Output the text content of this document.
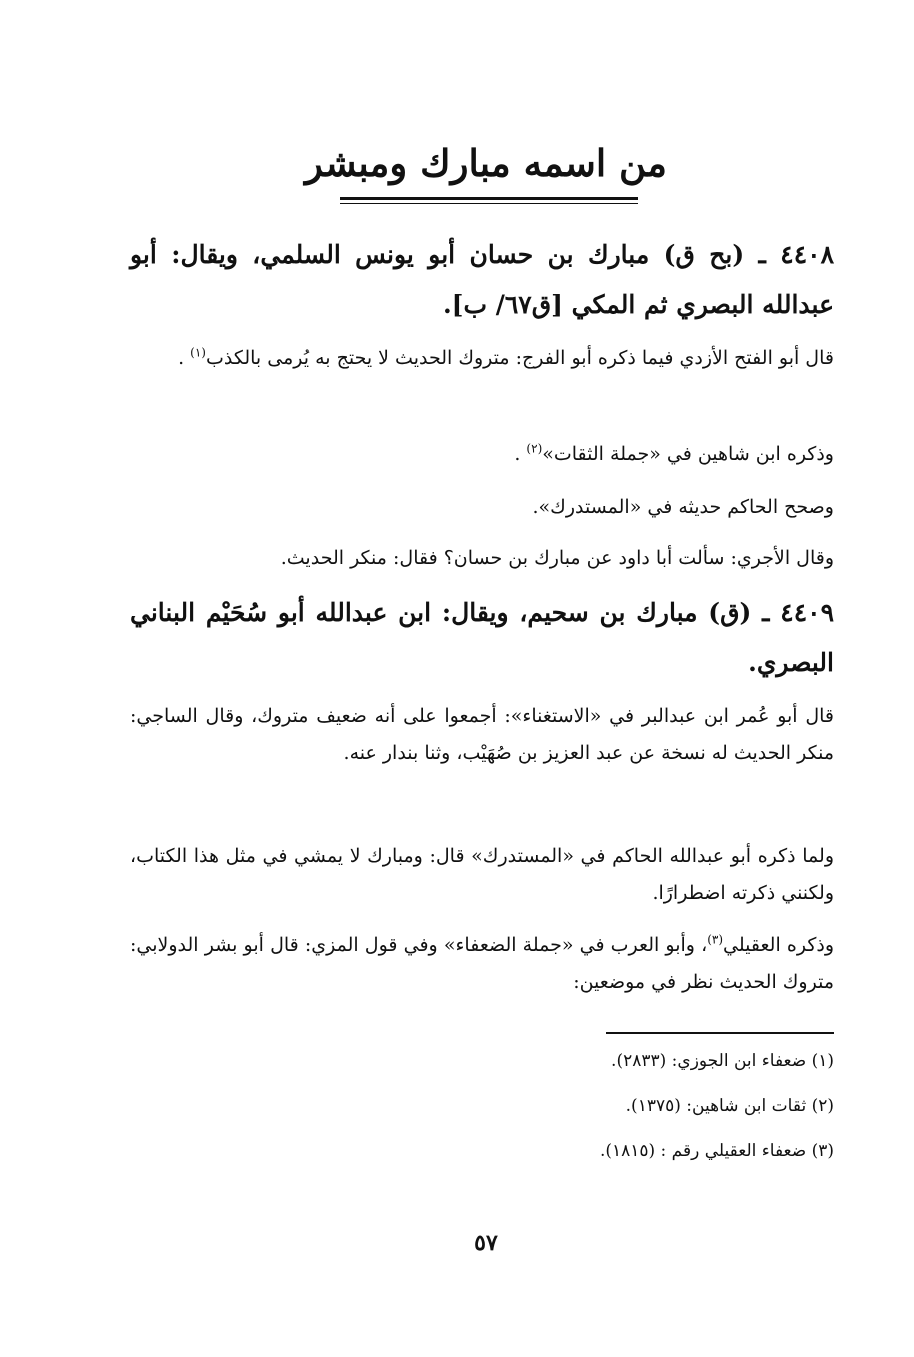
من اسمه مبارك ومبشر
٤٤٠٨ ـ (بح ق) مبارك بن حسان أبو يونس السلمي، ويقال: أبو عبدالله البصري ثم المكي [ق٦٧/ ب].
قال أبو الفتح الأزدي فيما ذكره أبو الفرج: متروك الحديث لا يحتج به يُرمى بالكذب$^{(١)}$ .
وذكره ابن شاهين في «جملة الثقات»$^{(٢)}$ .
وصحح الحاكم حديثه في «المستدرك».
وقال الأجري: سألت أبا داود عن مبارك بن حسان؟ فقال: منكر الحديث.
٤٤٠٩ ـ (ق) مبارك بن سحيم، ويقال: ابن عبدالله أبو سُحَيْم البناني البصري.
قال أبو عُمر ابن عبدالبر في «الاستغناء»: أجمعوا على أنه ضعيف متروك، وقال الساجي: منكر الحديث له نسخة عن عبد العزيز بن صُهَيْب، وثنا بندار عنه.
ولما ذكره أبو عبدالله الحاكم في «المستدرك» قال: ومبارك لا يمشي في مثل هذا الكتاب، ولكنني ذكرته اضطرارًا.
وذكره العقيلي$^{(٣)}$، وأبو العرب في «جملة الضعفاء» وفي قول المزي: قال أبو بشر الدولابي: متروك الحديث نظر في موضعين:
(١) ضعفاء ابن الجوزي: (٢٨٣٣).
(٢) ثقات ابن شاهين: (١٣٧٥).
(٣) ضعفاء العقيلي رقم : (١٨١٥).
٥٧
